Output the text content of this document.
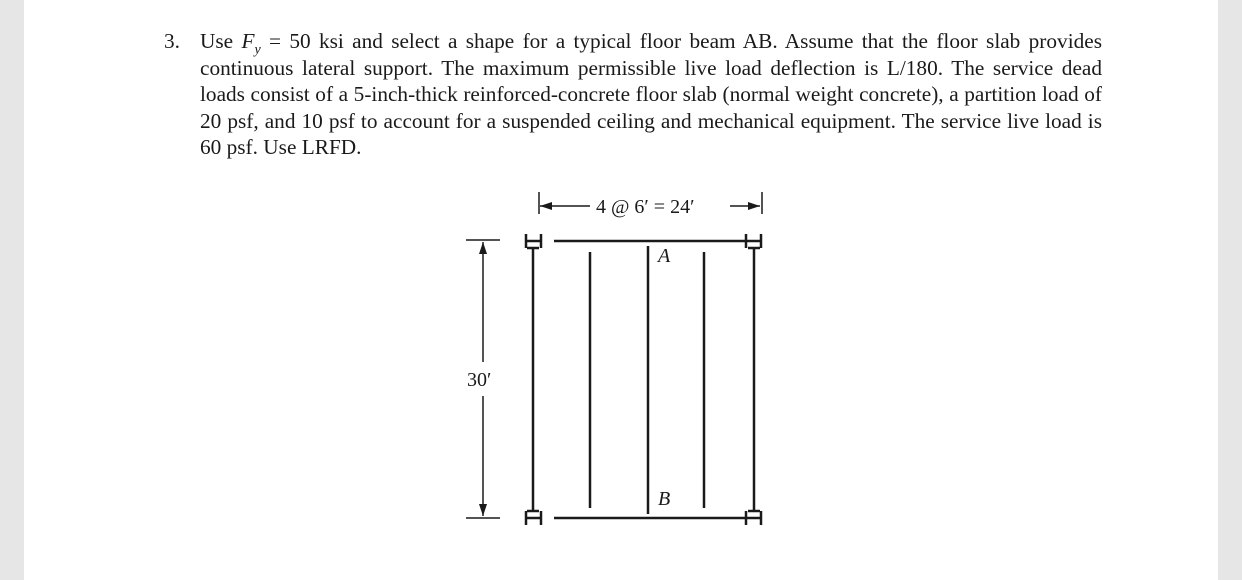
3. Use $F_y = 50$ ksi and select a shape for a typical floor beam AB. Assume that the floor slab provides continuous lateral support. The maximum permissible live load deflection is L/180. The service dead loads consist of a 5-inch-thick reinforced-concrete floor slab (normal weight concrete), a partition load of 20 psf, and 10 psf to account for a suspended ceiling and mechanical equipment. The service live load is 60 psf. Use LRFD.
4 @ 6′ = 24′
30′
A
B
